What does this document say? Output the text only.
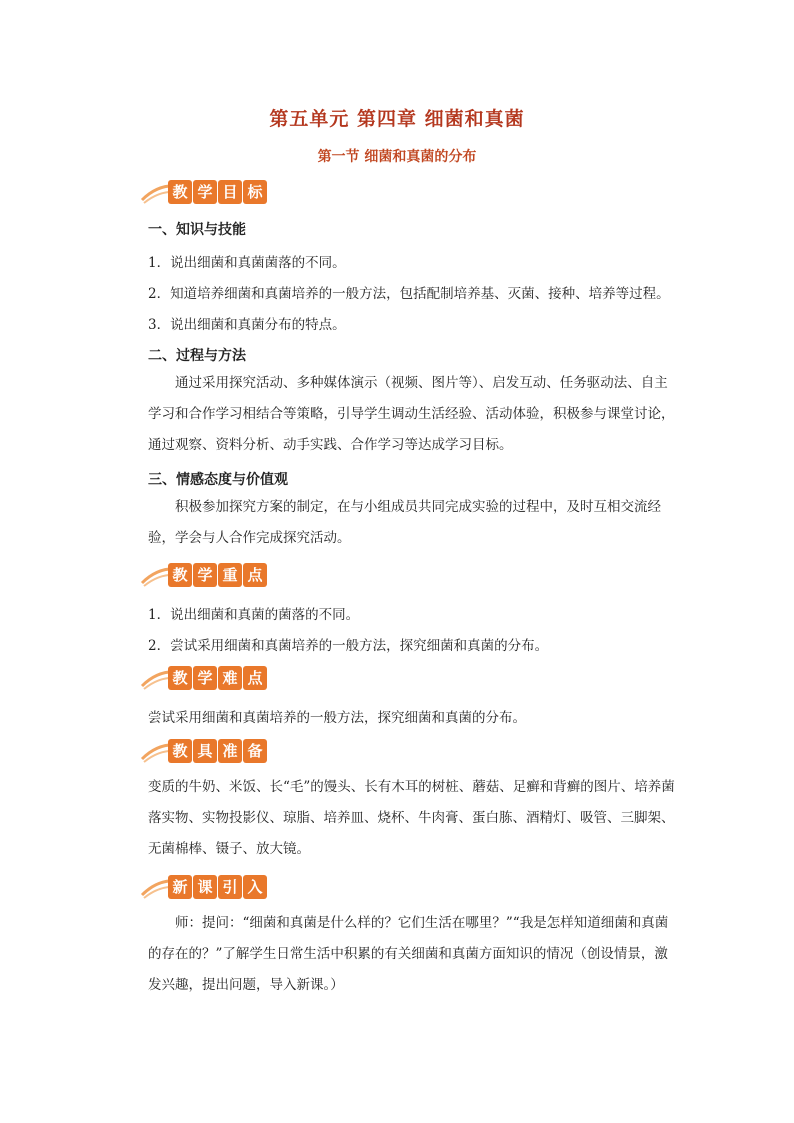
第五单元 第四章 细菌和真菌
第一节 细菌和真菌的分布
教 学 目 标
一、知识与技能
1．说出细菌和真菌菌落的不同。
2．知道培养细菌和真菌培养的一般方法，包括配制培养基、灭菌、接种、培养等过程。
3．说出细菌和真菌分布的特点。
二、过程与方法

通过采用探究活动、多种媒体演示（视频、图片等）、启发互动、任务驱动法、自主学习和合作学习相结合等策略，引导学生调动生活经验、活动体验，积极参与课堂讨论，通过观察、资料分析、动手实践、合作学习等达成学习目标。

三、情感态度与价值观

积极参加探究方案的制定，在与小组成员共同完成实验的过程中，及时互相交流经验，学会与人合作完成探究活动。

教 学 重 点
1．说出细菌和真菌的菌落的不同。
2．尝试采用细菌和真菌培养的一般方法，探究细菌和真菌的分布。
教 学 难 点
尝试采用细菌和真菌培养的一般方法，探究细菌和真菌的分布。
教 具 准 备

变质的牛奶、米饭、长“毛”的馒头、长有木耳的树桩、蘑菇、足癣和背癣的图片、培养菌落实物、实物投影仪、琼脂、培养皿、烧杯、牛肉膏、蛋白胨、酒精灯、吸管、三脚架、无菌棉棒、镊子、放大镜。

新 课 引 入

师：提问：“细菌和真菌是什么样的？它们生活在哪里？”“我是怎样知道细菌和真菌的存在的？”了解学生日常生活中积累的有关细菌和真菌方面知识的情况（创设情景，激发兴趣，提出问题，导入新课。）
